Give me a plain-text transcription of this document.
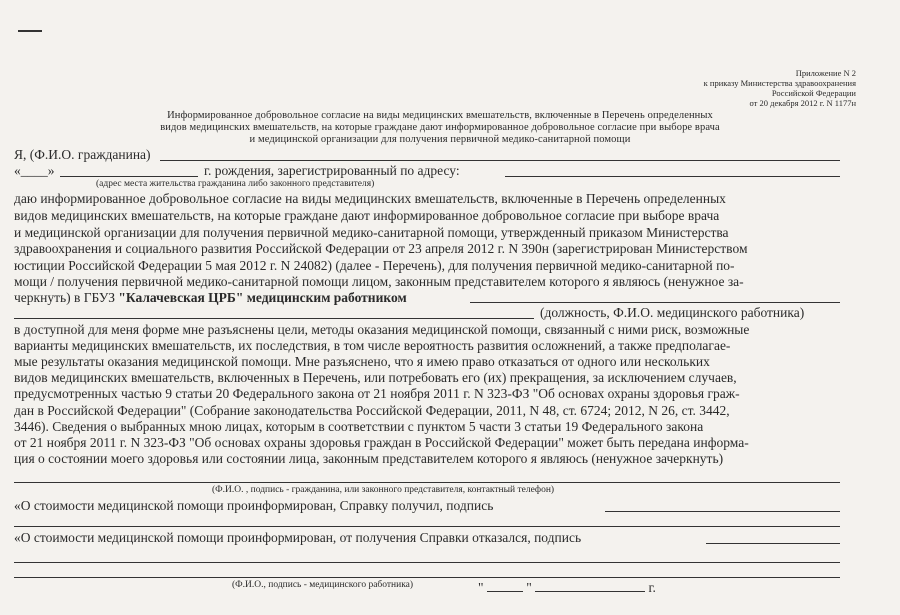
Приложение N 2
к приказу Министерства здравоохранения
Российской Федерации
от 20 декабря 2012 г. N 1177н
Информированное добровольное согласие на виды медицинских вмешательств, включенные в Перечень определенных
видов медицинских вмешательств, на которые граждане дают информированное добровольное согласие при выборе врача
и медицинской организации для получения первичной медико-санитарной помощи
Я, (Ф.И.О. гражданина)
«____»	г. рождения, зарегистрированный по адресу:
(адрес места жительства гражданина либо законного представителя)
даю информированное добровольное согласие на виды медицинских вмешательств, включенные в Перечень определенных
видов медицинских вмешательств, на которые граждане дают информированное добровольное согласие при выборе врача
и медицинской организации для получения первичной медико-санитарной помощи, утвержденный приказом Министерства
здравоохранения и социального развития Российской Федерации от 23 апреля 2012 г. N 390н (зарегистрирован Министерством
юстиции Российской Федерации 5 мая 2012 г. N 24082) (далее - Перечень), для получения первичной медико-санитарной по-
мощи / получения первичной медико-санитарной помощи лицом, законным представителем которого я являюсь (ненужное за-
черкнуть) в ГБУЗ "Калачевская ЦРБ" медицинским работником
(должность, Ф.И.О. медицинского работника)
в доступной для меня форме мне разъяснены цели, методы оказания медицинской помощи, связанный с ними риск, возможные
варианты медицинских вмешательств, их последствия, в том числе вероятность развития осложнений, а также предполагае-
мые результаты оказания медицинской помощи. Мне разъяснено, что я имею право отказаться от одного или нескольких
видов медицинских вмешательств, включенных в Перечень, или потребовать его (их) прекращения, за исключением случаев,
предусмотренных частью 9 статьи 20 Федерального закона от 21 ноября 2011 г. N 323-ФЗ "Об основах охраны здоровья граж-
дан в Российской Федерации" (Собрание законодательства Российской Федерации, 2011, N 48, ст. 6724; 2012, N 26, ст. 3442,
3446). Сведения о выбранных мною лицах, которым в соответствии с пунктом 5 части 3 статьи 19 Федерального закона
от 21 ноября 2011 г. N 323-ФЗ "Об основах охраны здоровья граждан в Российской Федерации" может быть передана информа-
ция о состоянии моего здоровья или состоянии лица, законным представителем которого я являюсь (ненужное зачеркнуть)
(Ф.И.О. , подпись - гражданина, или законного представителя, контактный телефон)
«О стоимости медицинской помощи проинформирован, Справку получил, подпись
«О стоимости медицинской помощи проинформирован, от получения Справки отказался, подпись
(Ф.И.О., подпись - медицинского работника)	"	"	г.
